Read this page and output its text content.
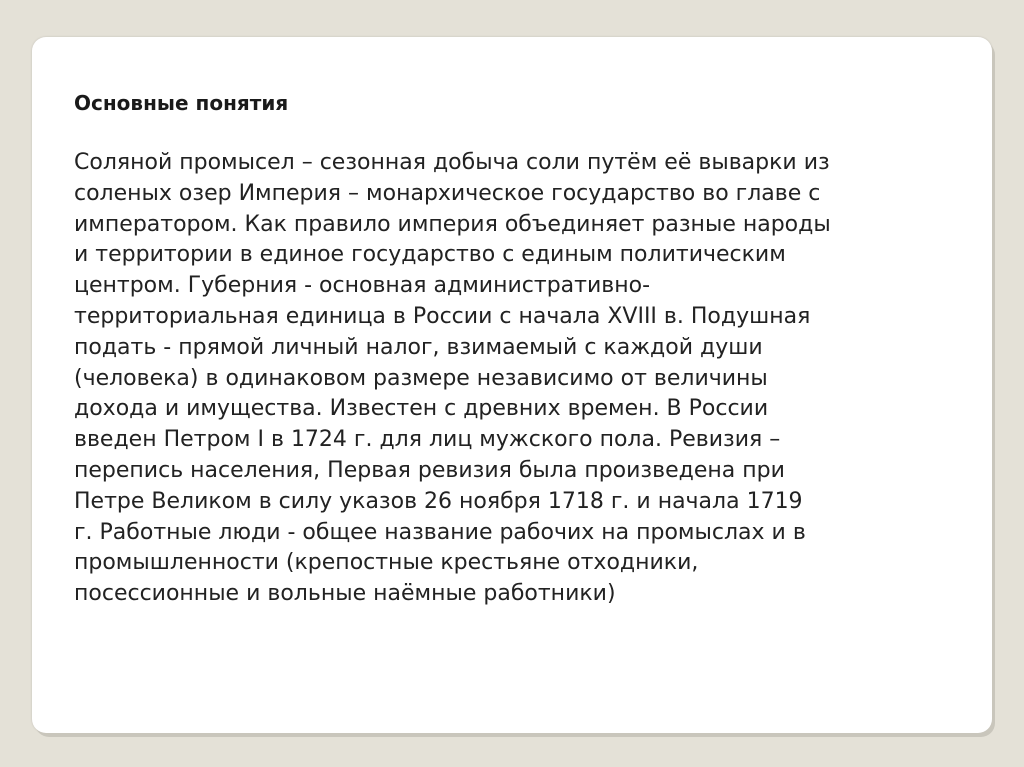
Основные понятия

Соляной промысел – сезонная добыча соли путём её выварки из
соленых озер Империя – монархическое государство во главе с
императором. Как правило империя объединяет разные народы
и территории в единое государство с единым политическим
центром. Губерния - основная административно-
территориальная единица в России с начала XVIII в. Подушная
подать - прямой личный налог, взимаемый с каждой души
(человека) в одинаковом размере независимо от величины
дохода и имущества. Известен с древних времен. В России
введен Петром I в 1724 г. для лиц мужского пола. Ревизия –
перепись населения, Первая ревизия была произведена при
Петре Великом в силу указов 26 ноября 1718 г. и начала 1719
г. Работные люди - общее название рабочих на промыслах и в
промышленности (крепостные крестьяне отходники,
посессионные и вольные наёмные работники)
